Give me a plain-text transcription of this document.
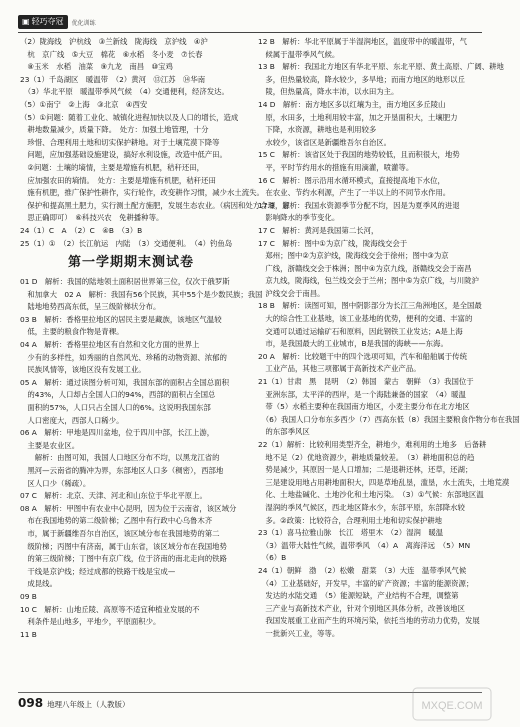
▣ 轻巧夺冠 优化训练
（2）陇海线　沪杭线　③兰新线　陇海线　京沪线　④沪
　杭　京广线　⑤大豆　棉花　⑥水稻　冬小麦　⑦长春
　⑧玉米　水稻　油菜　⑨九龙　南昌　⑩宝鸡
23（1）千岛湖区　暖温带　（2）黄河　⑬江苏　⑭华南
　（3）华北平原　暖温带季风气候　（4）交通便利，经济发达。
（5）①南宁　②上海　③北京　④西安
（5）①问题：随着工业化、城镇化进程加快以及人口的增长，造成
　耕地数量减少，质量下降。　处方：加强土地管理，十分
　珍惜、合理利用土地和切实保护耕地。对于土壤荒漠下降等
　问题，应加强基础设施建设，搞好水利设施，改造中低产田。
　②问题：土壤的墒情，主要是增施有机肥，秸秆还田，
　应加强农田的墒情。　处方：主要是增施有机肥，秸秆还田
　施有机肥，推广保护性耕作，实行轮作，改变耕作习惯，减少水土流失。
　保护和提高黑土肥力，实行测土配方施肥，发展生态农业。（病因和处方合理，意
　思正确即可）　⑥科技兴农　免耕播种等。
24（1）C　A　（2）C　④B　（3）B
25（1）①　（2）长江航运　内陆　（3）交通便利。　（4）钓鱼岛
第一学期期末测试卷
01 D　解析：我国的陆地领土面积居世界第三位，仅次于俄罗斯
　和加拿大　02 A　解析：我国有56个民族，其中55个是少数民族；我国
　陆地地势西高东低，呈三级阶梯状分布。
03 B　解析：香格里拉地区的居民主要是藏族，该地区气温较
　低，主要的粮食作物是青稞。
04 A　解析：香格里拉地区有自然和文化方面的世界上
　少有的多样性，如秀丽的自然风光、珍稀的动物资源、浓郁的
　民族风情等，该地区没有发展工业。
05 A　解析：通过读图分析可知，我国东部的面积占全国总面积
　的43%，人口却占全国人口的94%，西部的面积占全国总
　面积的57%，人口只占全国人口的6%。这说明我国东部
　人口密度大，西部人口稀少。
06 A　解析：甲地是四川盆地，位于四川中部，长江上游，
　主要是农业区。
　　解析：由图可知，我国人口地区分布不均，以黑龙江省的
　黑河—云南省的腾冲为界，东部地区人口多（稠密），西部地
　区人口少（稀疏）。
07 C　解析：北京、天津、河北和山东位于华北平原上。
08 A　解析：甲图中有农业中心昆明，因为位于云南省，该区域分
　布在我国地势的第二级阶梯；乙图中有行政中心乌鲁木齐
　市，属于新疆维吾尔自治区，该区域分布在我国地势的第二
　级阶梯；丙图中有济南，属于山东省，该区域分布在我国地势
　的第三级阶梯；丁图中有京广线，位于济南的南北走向的铁路
　干线是京沪线；经过成都的铁路干线是宝成—
　成昆线。
09 B
10 C　解析：山地丘陵、高原等不适宜种植业发展的不
　利条件是山地多，平地少，平原面积少。
11 B
12 B　解析：华北平原属于半湿润地区，温度带中的暖温带，气
　候属于温带季风气候。
13 B　解析：我国北方地区有华北平原、东北平原、黄土高原、广阔、耕地
　多，但热量较高，降水较少，多旱地；而南方地区的地形以丘
　陵，但热量高，降水丰沛，以水田为主。
14 D　解析：南方地区多以红壤为主，南方地区多丘陵山
　原，水田多，土地利用较丰富，加之开垦面积大，土壤肥力
　下降，水资源，耕地也是利用较多
　水较少，该省区是新疆维吾尔自治区。
15 C　解析：该省区处于我国的地势较低，且而积很大，地势
　平，平时节约用水的措施有用滴灌，喷灌等。
16 C　解析：图示沿用水循环模式，直接提高地下水位，
　在农业、节约水利源，产生了一半以上的不同节水作用。
17 B　解析：我国水资源季节分配不均，因是为夏季风的进退
　影响降水的季节变化。
17 C　解析：黄河是我国第二长河，
17 C　解析：图中①为京广线，陇海线交会于
　郑州；图中②为京沪线，陇海线交会于徐州；图中③为京
　广线，浙赣线交会于株洲；图中④为京九线，浙赣线交会于南昌
　京九线，陇海线，包兰线交会于兰州；图中⑤为京广线，与川陇沪
　沪线交会于南昌。
18 B　解析：读图可知，图中阴影部分为长江三角洲地区，是全国最
　大的综合性工业基地，该工业基地的优势，便利的交通、丰富的
　交通可以通过运输矿石和原料，因此钢铁工业发达；A是上海
　市，是我国最大的工业城市，B是我国的海峡——东海。
20 A　解析：比较题干中的四个选项可知，汽车和船舶属于传统
　工业产品，其他三项都属于高新技术产业产品。
21（1）甘肃　黑　昆明　（2）韩国　蒙古　朝鲜　（3）我国位于
　亚洲东部，太平洋的西岸，是一个海陆兼备的国家　（4）暖温
　带（5）水稻主要种在我国南方地区，小麦主要分布在北方地区
　（6）我国人口分布东多西少（7）西高东低（8）我国主要粮食作物分布在我国
　的东部季风区
22（1）解析：比较利用类型齐全，耕地少，难利用的土地多　后备耕
　地不足（2）优地资源少，耕地质量较差。　（3）耕地面积总的趋
　势是减少，其原因一是人口增加；二是退耕还林，还草，还湖；
　三是建设用地占用耕地面积大，四是草地乱垦，滥垦，水土流失，土地荒漠
　化、土地盐碱化、土地沙化和土地污染。　（3）①气候：东部地区温
　湿润的季风气候区，西北地区降水少，东部平原，东部降水较
　多。②政策：比较符合，合理利用土地和切实保护耕地
23（1）喜马拉雅山脉　长江　塔里木　（2）湿润　暖温
　（3）温带大陆性气候，温带季风　（4）A　离海洋远　（5）MN
　（6）B
24（1）朝鲜　渤　（2）松嫩　甜菜　（3）大连　温带季风气候
　（4）工业基础好，开发早，丰富的矿产资源；丰富的能源资源；
　发达的水陆交通　（5）能源短缺，产业结构不合理，调整第
　三产业与高新技术产业，针对个别地区具体分析，改善该地区
　我国发展重工业而产生的环境污染，依托当地的劳动力优势，发展
　一批新兴工业，等等。
098 地理八年级上（人教版）	MXQE.COM
